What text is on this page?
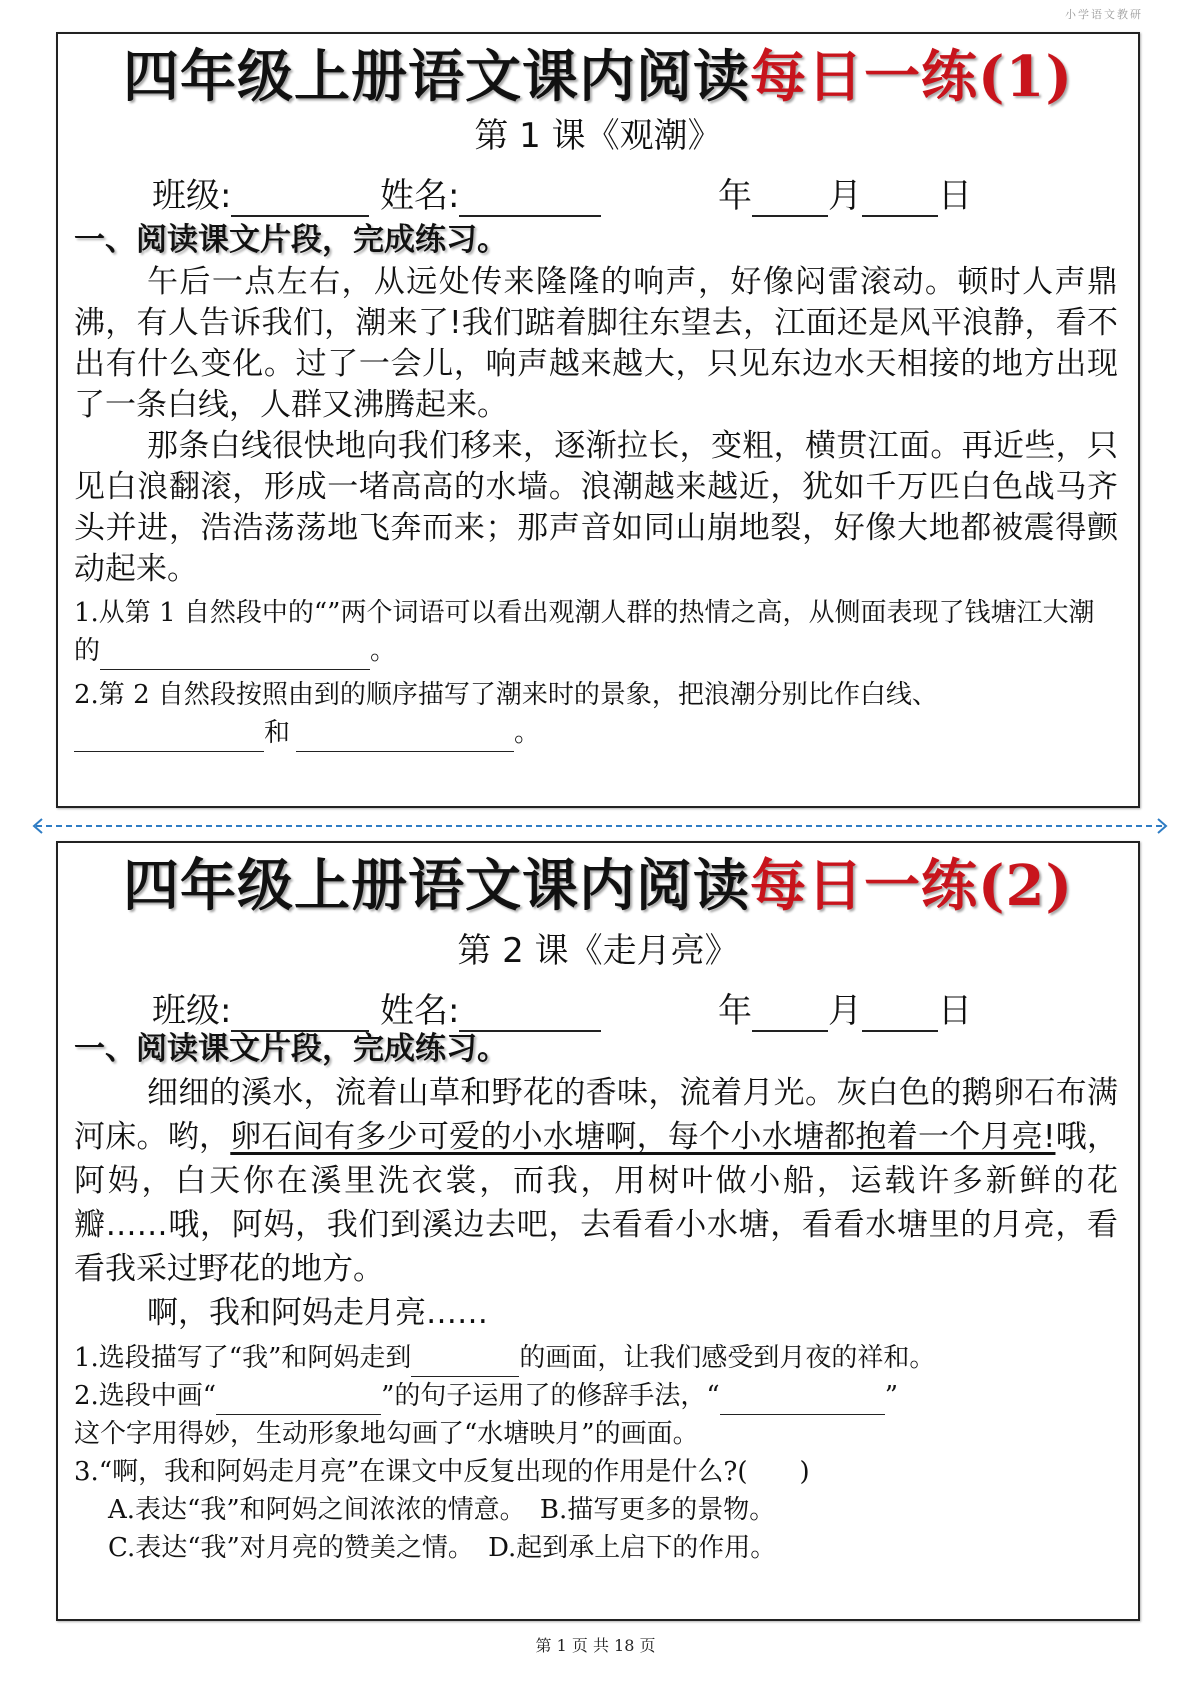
小学语文教研
四年级上册语文课内阅读每日一练(1)
第 1 课《观潮》
班级:	姓名:	年 月 日
一、阅读课文片段，完成练习。
午后一点左右，从远处传来隆隆的响声，好像闷雷滚动。顿时人声鼎沸，有人告诉我们，潮来了!我们踮着脚往东望去，江面还是风平浪静，看不出有什么变化。过了一会儿，响声越来越大，只见东边水天相接的地方出现了一条白线，人群又沸腾起来。
那条白线很快地向我们移来，逐渐拉长，变粗，横贯江面。再近些，只见白浪翻滚，形成一堵高高的水墙。浪潮越来越近，犹如千万匹白色战马齐头并进，浩浩荡荡地飞奔而来；那声音如同山崩地裂，好像大地都被震得颤动起来。
1.从第 1 自然段中的“”两个词语可以看出观潮人群的热情之高，从侧面表现了钱塘江大潮的	。
2.第 2 自然段按照由到的顺序描写了潮来时的景象，把浪潮分别比作白线、
和	。
四年级上册语文课内阅读每日一练(2)
第 2 课《走月亮》
班级:	姓名:	年 月 日
一、阅读课文片段，完成练习。
细细的溪水，流着山草和野花的香味，流着月光。灰白色的鹅卵石布满河床。哟，卵石间有多少可爱的小水塘啊，每个小水塘都抱着一个月亮!哦，阿妈，白天你在溪里洗衣裳，而我，用树叶做小船，运载许多新鲜的花瓣……哦，阿妈，我们到溪边去吧，去看看小水塘，看看水塘里的月亮，看看我采过野花的地方。
啊，我和阿妈走月亮……
1.选段描写了“我”和阿妈走到	的画面，让我们感受到月夜的祥和。
2.选段中画“	”的句子运用了的修辞手法，“	”
这个字用得妙，生动形象地勾画了“水塘映月”的画面。
3.“啊，我和阿妈走月亮”在课文中反复出现的作用是什么?(　　)
A.表达“我”和阿妈之间浓浓的情意。 B.描写更多的景物。
C.表达“我”对月亮的赞美之情。 D.起到承上启下的作用。
第 1 页 共 18 页
